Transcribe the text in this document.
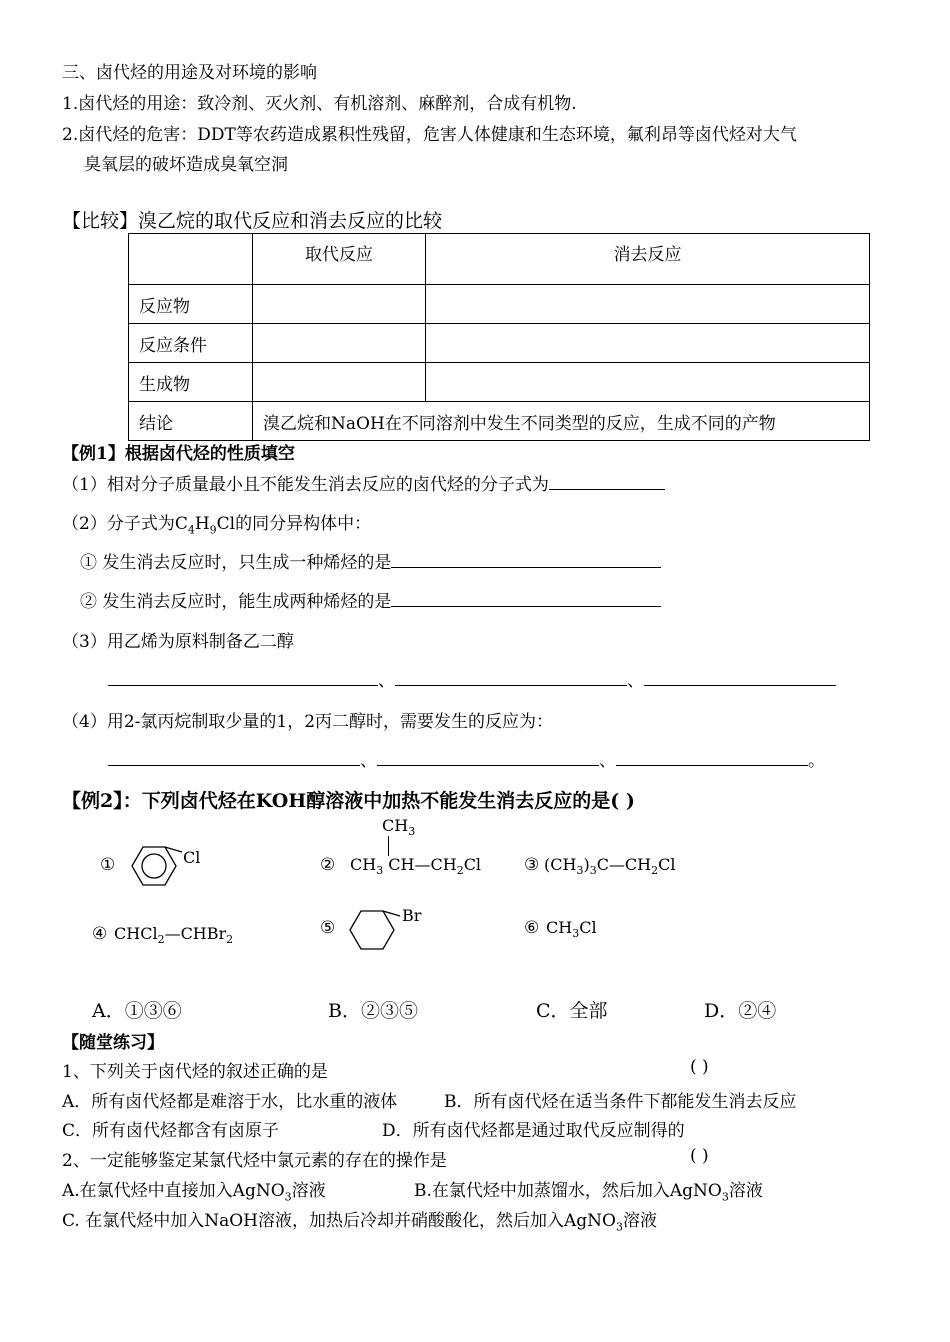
三、卤代烃的用途及对环境的影响
1.卤代烃的用途：致冷剂、灭火剂、有机溶剂、麻醉剂，合成有机物.
2.卤代烃的危害：DDT等农药造成累积性残留，危害人体健康和生态环境，氟利昂等卤代烃对大气
臭氧层的破坏造成臭氧空洞
【比较】溴乙烷的取代反应和消去反应的比较
	取代反应	消去反应
反应物		
反应条件		
生成物		
结论	溴乙烷和NaOH在不同溶剂中发生不同类型的反应，生成不同的产物	
【例1】根据卤代烃的性质填空
（1）相对分子质量最小且不能发生消去反应的卤代烃的分子式为
（2）分子式为$C_4H_9Cl$的同分异构体中：
① 发生消去反应时，只生成一种烯烃的是
② 发生消去反应时，能生成两种烯烃的是
（3）用乙烯为原料制备乙二醇
、	、
（4）用2-氯丙烷制取少量的1，2丙二醇时，需要发生的反应为：
、	、	。
【例2】：下列卤代烃在KOH醇溶液中加热不能发生消去反应的是( )
①	Cl
$CH_3$
② $CH_3$ $CH—CH_2Cl$	③ $(CH_3)_3C—CH_2Cl$
④ CHCl$_2$—CHBr$_2$
⑤
Br
⑥ $CH_3Cl$
A．①③⑥	B．②③⑤	C．全部	D．②④
【随堂练习】
1、下列关于卤代烃的叙述正确的是	( )
A．所有卤代烃都是难溶于水，比水重的液体	B．所有卤代烃在适当条件下都能发生消去反应
C．所有卤代烃都含有卤原子	D．所有卤代烃都是通过取代反应制得的
2、一定能够鉴定某氯代烃中氯元素的存在的操作是	( )
A.在氯代烃中直接加入AgNO$_3$溶液	B.在氯代烃中加蒸馏水，然后加入AgNO$_3$溶液
C. 在氯代烃中加入NaOH溶液，加热后冷却并硝酸酸化，然后加入AgNO$_3$溶液
